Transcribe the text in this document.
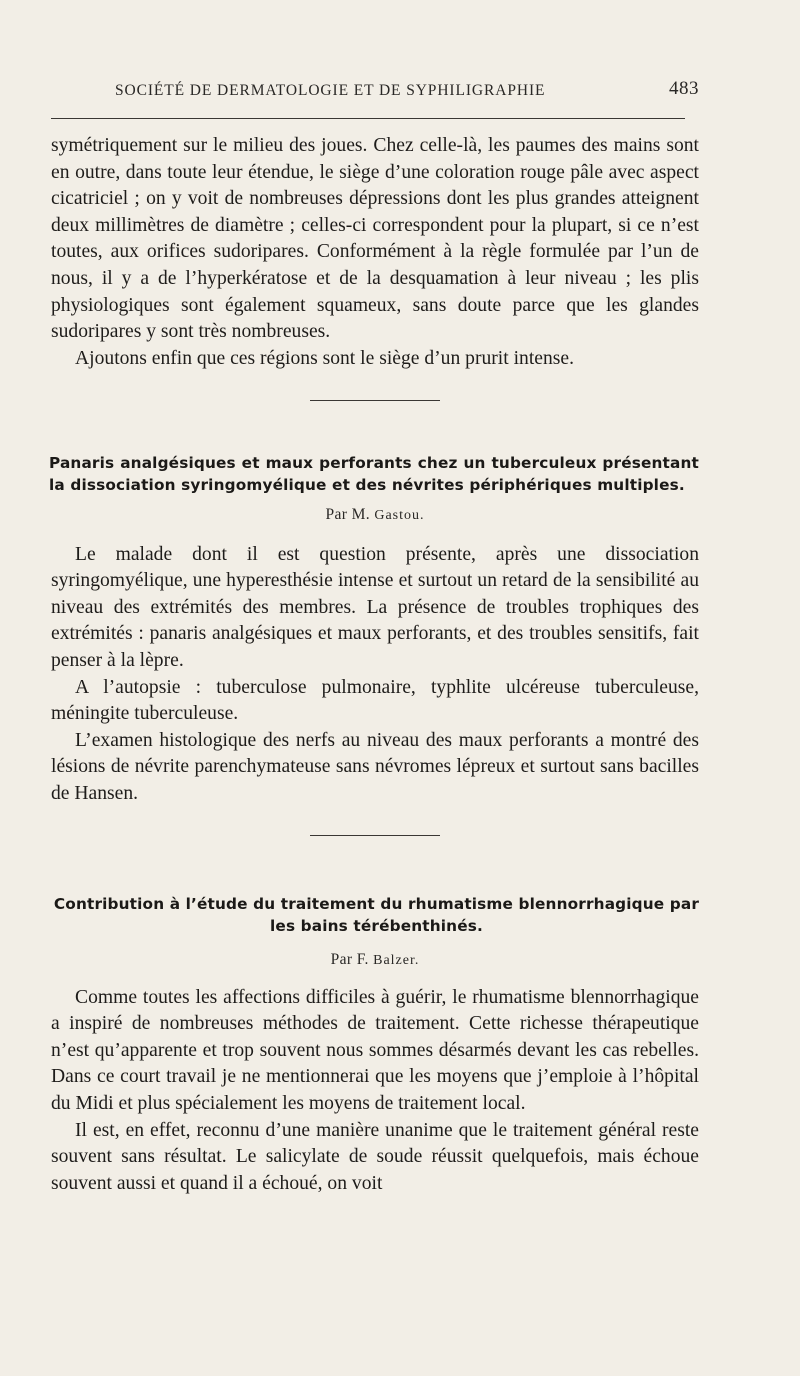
SOCIÉTÉ DE DERMATOLOGIE ET DE SYPHILIGRAPHIE	483

symétriquement sur le milieu des joues. Chez celle-là, les paumes des mains sont en outre, dans toute leur étendue, le siège d’une coloration rouge pâle avec aspect cicatriciel ; on y voit de nombreuses dépressions dont les plus grandes atteignent deux millimètres de diamètre ; celles-ci correspondent pour la plupart, si ce n’est toutes, aux orifices sudoripares. Conformément à la règle formulée par l’un de nous, il y a de l’hyperkératose et de la desquamation à leur niveau ; les plis physiologiques sont également squameux, sans doute parce que les glandes sudoripares y sont très nombreuses.

Ajoutons enfin que ces régions sont le siège d’un prurit intense.

Panaris analgésiques et maux perforants chez un tuberculeux présentant la dissociation syringomyélique et des névrites périphériques multiples.
Par M. Gastou.

Le malade dont il est question présente, après une dissociation syringomyélique, une hyperesthésie intense et surtout un retard de la sensibilité au niveau des extrémités des membres. La présence de troubles trophiques des extrémités : panaris analgésiques et maux perforants, et des troubles sensitifs, fait penser à la lèpre.

A l’autopsie : tuberculose pulmonaire, typhlite ulcéreuse tuberculeuse, méningite tuberculeuse.

L’examen histologique des nerfs au niveau des maux perforants a montré des lésions de névrite parenchymateuse sans névromes lépreux et surtout sans bacilles de Hansen.

Contribution à l’étude du traitement du rhumatisme blennorrhagique par les bains térébenthinés.
Par F. Balzer.

Comme toutes les affections difficiles à guérir, le rhumatisme blennorrhagique a inspiré de nombreuses méthodes de traitement. Cette richesse thérapeutique n’est qu’apparente et trop souvent nous sommes désarmés devant les cas rebelles. Dans ce court travail je ne mentionnerai que les moyens que j’emploie à l’hôpital du Midi et plus spécialement les moyens de traitement local.

Il est, en effet, reconnu d’une manière unanime que le traitement général reste souvent sans résultat. Le salicylate de soude réussit quelquefois, mais échoue souvent aussi et quand il a échoué, on voit
